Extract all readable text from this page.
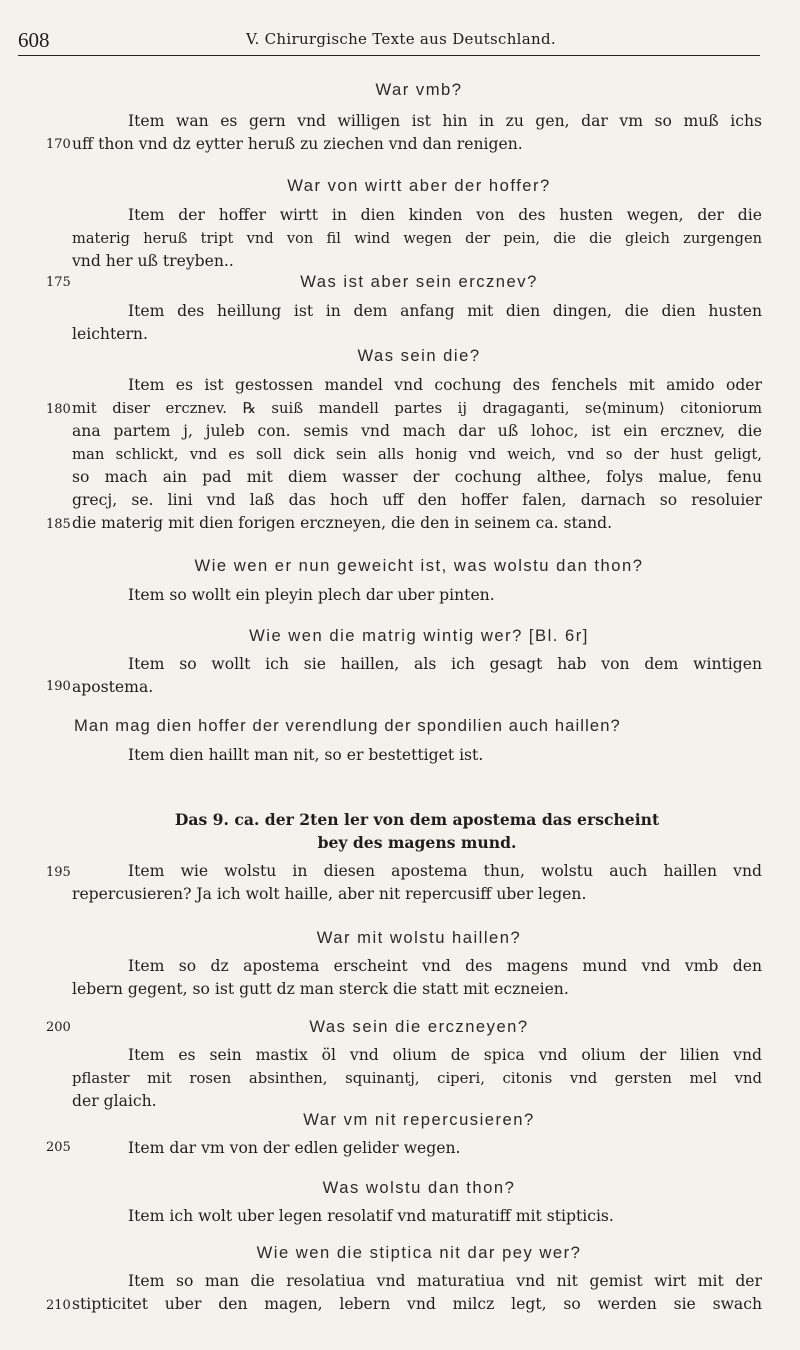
608	V. Chirurgische Texte aus Deutschland.
170
175
180
185
190
195
200
205
210
War vmb?
Item wan es gern vnd willigen ist hin in zu gen, dar vm so muß ichs
uff thon vnd dz eytter heruß zu ziechen vnd dan renigen.
War von wirtt aber der hoffer?
Item der hoffer wirtt in dien kinden von des husten wegen, der die
materig heruß tript vnd von fil wind wegen der pein, die die gleich zurgengen
vnd her uß treyben..
Was ist aber sein ercznev?
Item des heillung ist in dem anfang mit dien dingen, die dien husten
leichtern.
Was sein die?
Item es ist gestossen mandel vnd cochung des fenchels mit amido oder
mit diser ercznev. ℞ suiß mandell partes ij dragaganti, se⟨minum⟩ citoniorum
ana partem j, juleb con. semis vnd mach dar uß lohoc, ist ein ercznev, die
man schlickt, vnd es soll dick sein alls honig vnd weich, vnd so der hust geligt,
so mach ain pad mit diem wasser der cochung althee, folys malue, fenu
grecj, se. lini vnd laß das hoch uff den hoffer falen, darnach so resoluier
die materig mit dien forigen erczneyen, die den in seinem ca. stand.
Wie wen er nun geweicht ist, was wolstu dan thon?
Item so wollt ein pleyin plech dar uber pinten.
Wie wen die matrig wintig wer? [Bl. 6r]
Item so wollt ich sie haillen, als ich gesagt hab von dem wintigen
apostema.
Man mag dien hoffer der verendlung der spondilien auch haillen?
Item dien haillt man nit, so er bestettiget ist.
Das 9. ca. der 2ten ler von dem apostema das erscheint
bey des magens mund.
Item wie wolstu in diesen apostema thun, wolstu auch haillen vnd
repercusieren? Ja ich wolt haille, aber nit repercusiff uber legen.
War mit wolstu haillen?
Item so dz apostema erscheint vnd des magens mund vnd vmb den
lebern gegent, so ist gutt dz man sterck die statt mit eczneien.
Was sein die erczneyen?
Item es sein mastix öl vnd olium de spica vnd olium der lilien vnd
pflaster mit rosen absinthen, squinantj, ciperi, citonis vnd gersten mel vnd
der glaich.
War vm nit repercusieren?
Item dar vm von der edlen gelider wegen.
Was wolstu dan thon?
Item ich wolt uber legen resolatif vnd maturatiff mit stipticis.
Wie wen die stiptica nit dar pey wer?
Item so man die resolatiua vnd maturatiua vnd nit gemist wirt mit der
stipticitet uber den magen, lebern vnd milcz legt, so werden sie swach
